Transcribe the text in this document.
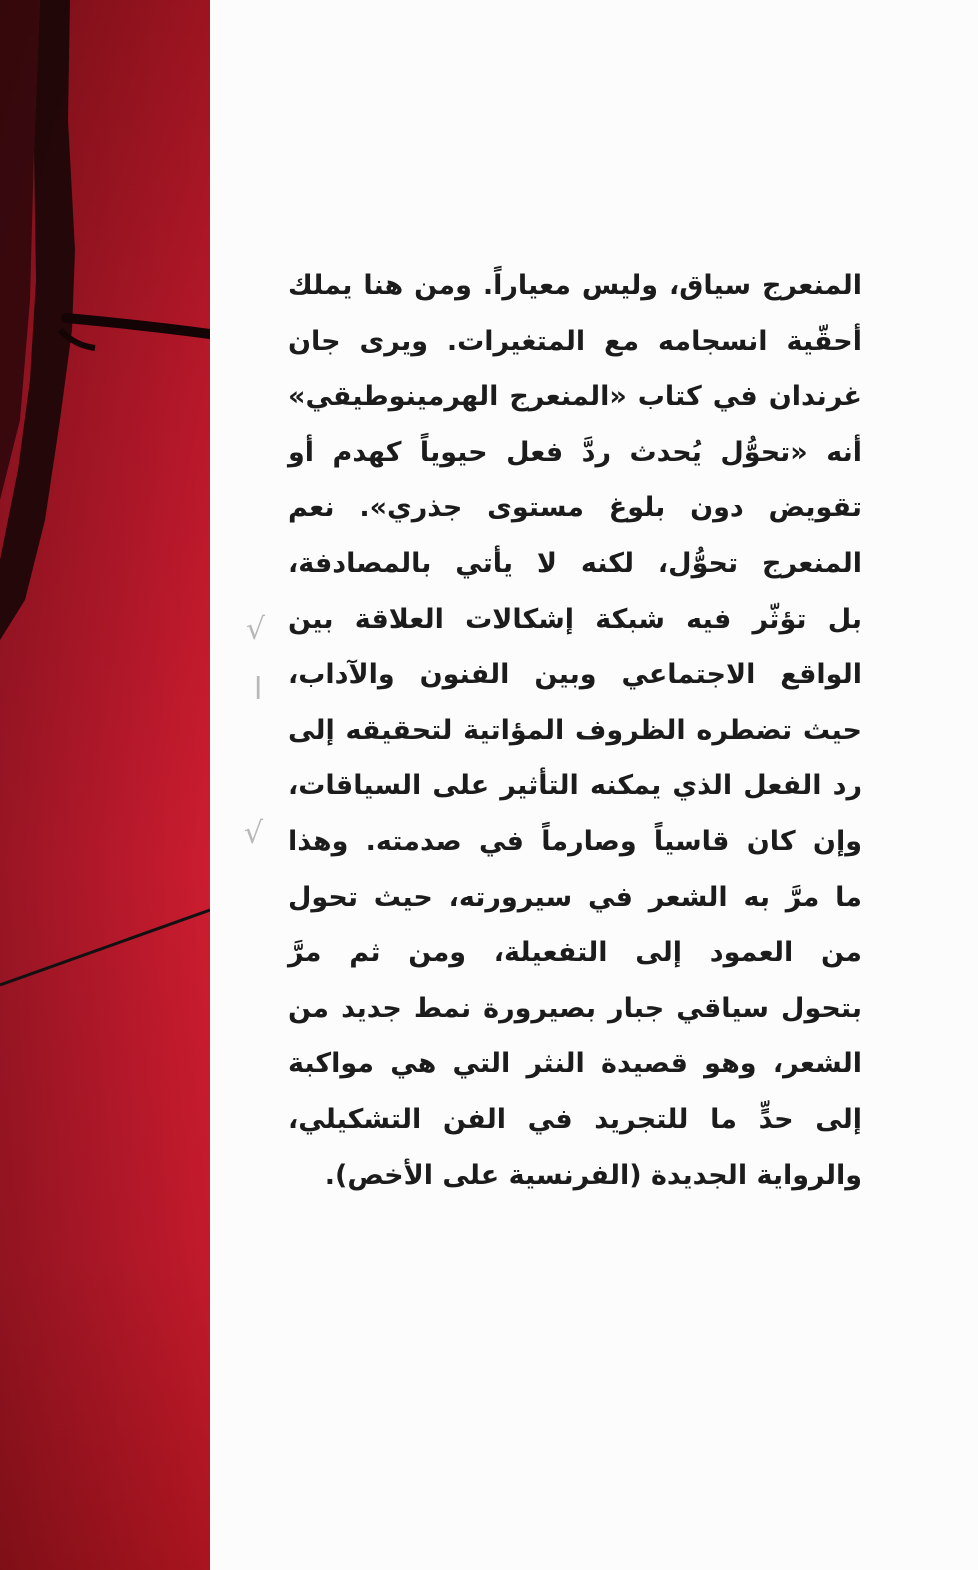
√
ا
√
المنعرج سياق، وليس معياراً. ومن هنا يملك
أحقّية انسجامه مع المتغيرات. ويرى جان
غرندان في كتاب «المنعرج الهرمينوطيقي»
أنه «تحوُّل يُحدث ردَّ فعل حيوياً كهدم أو
تقويض دون بلوغ مستوى جذري». نعم
المنعرج تحوُّل، لكنه لا يأتي بالمصادفة،
بل تؤثّر فيه شبكة إشكالات العلاقة بين
الواقع الاجتماعي وبين الفنون والآداب،
حيث تضطره الظروف المؤاتية لتحقيقه إلى
رد الفعل الذي يمكنه التأثير على السياقات،
وإن كان قاسياً وصارماً في صدمته. وهذا
ما مرَّ به الشعر في سيرورته، حيث تحول
من العمود إلى التفعيلة، ومن ثم مرَّ
بتحول سياقي جبار بصيرورة نمط جديد من
الشعر، وهو قصيدة النثر التي هي مواكبة
إلى حدٍّ ما للتجريد في الفن التشكيلي،
والرواية الجديدة (الفرنسية على الأخص).
